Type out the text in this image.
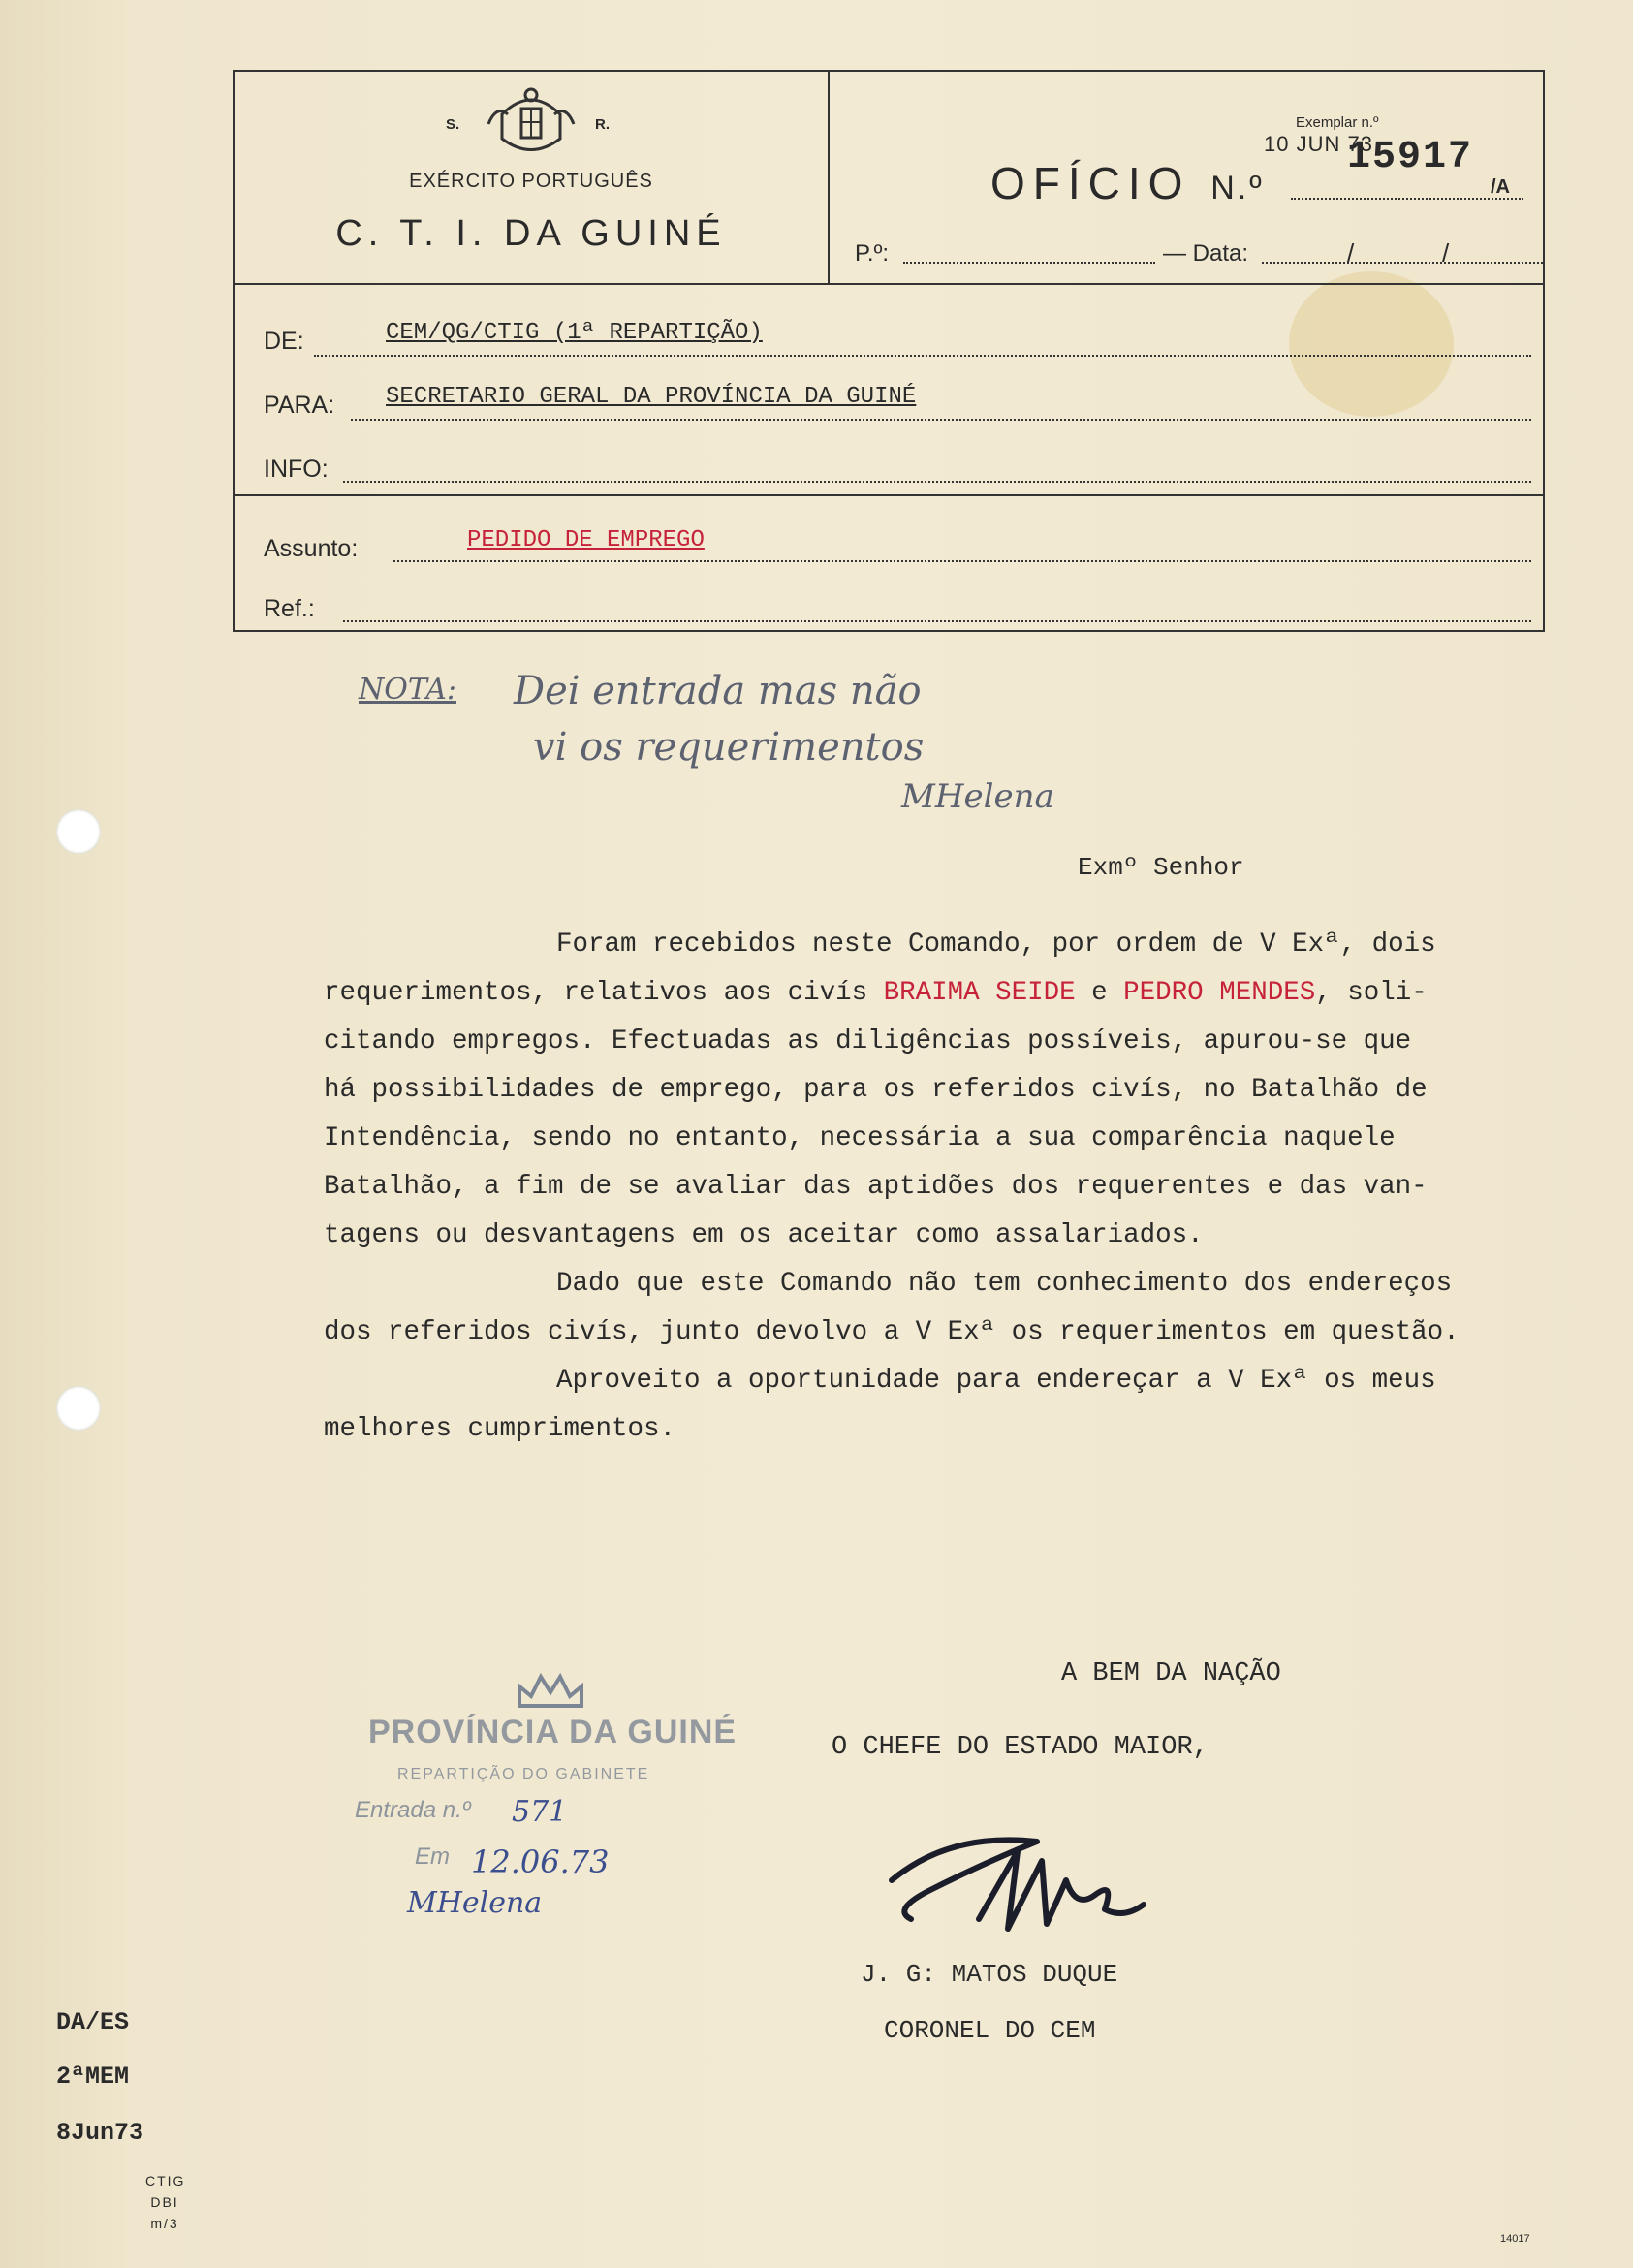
S.	R.
EXÉRCITO PORTUGUÊS
C. T. I. DA GUINÉ
OFÍCIO N.º
Exemplar n.º
10 JUN 73
15917
/A
P.º:	— Data:	/	/
DE:	CEM/QG/CTIG (1ª REPARTIÇÃO)
PARA: SECRETARIO GERAL DA PROVÍNCIA DA GUINÉ
INFO:
Assunto:	PEDIDO DE EMPREGO
Ref.:
NOTA: Dei entrada mas não
vi os requerimentos
MHelena
Exmº Senhor
Foram recebidos neste Comando, por ordem de V Exª, dois
requerimentos, relativos aos civís BRAIMA SEIDE e PEDRO MENDES, soli-
citando empregos. Efectuadas as diligências possíveis, apurou-se que
há possibilidades de emprego, para os referidos civís, no Batalhão de
Intendência, sendo no entanto, necessária a sua comparência naquele
Batalhão, a fim de se avaliar das aptidões dos requerentes e das van-
tagens ou desvantagens em os aceitar como assalariados.
Dado que este Comando não tem conhecimento dos endereços
dos referidos civís, junto devolvo a V Exª os requerimentos em questão.
Aproveito a oportunidade para endereçar a V Exª os meus
melhores cumprimentos.
A BEM DA NAÇÃO
O CHEFE DO ESTADO MAIOR,
J. G: MATOS DUQUE
CORONEL DO CEM
PROVÍNCIA DA GUINÉ
REPARTIÇÃO DO GABINETE
Entrada n.º 571
Em 12.06.73
MHelena
DA/ES
2ªMEM
8Jun73
CTIG
DBI
m/3
14017
